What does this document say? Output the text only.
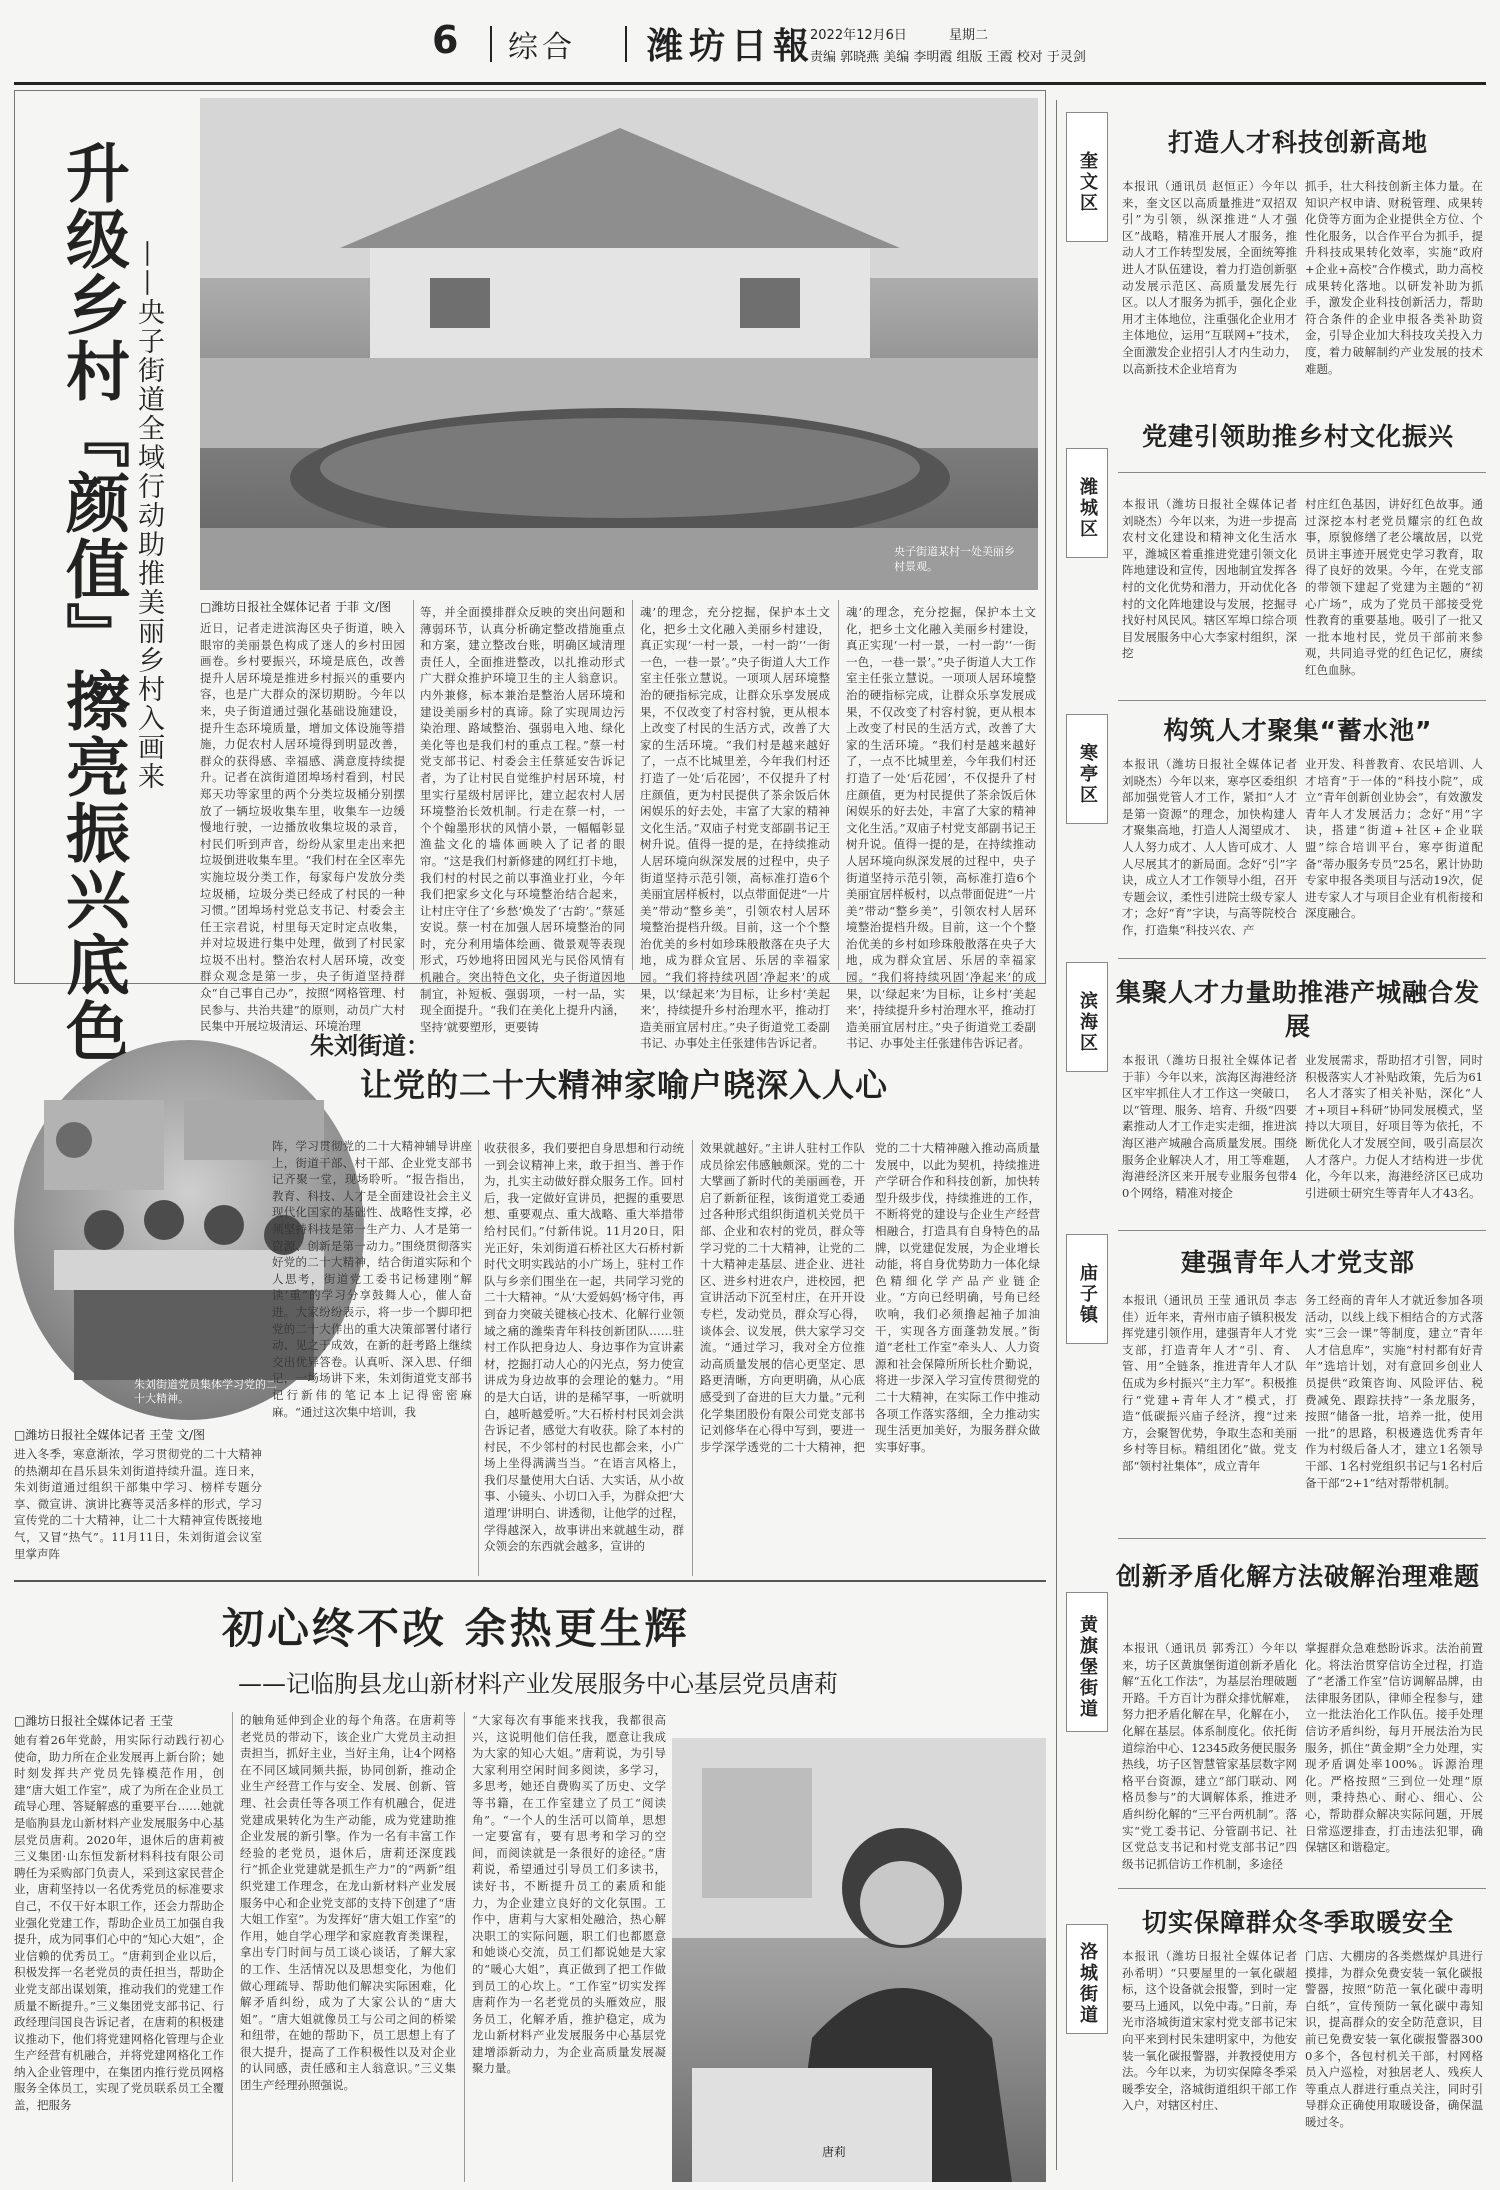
6 综合 潍坊日報
2022年12月6日	星期二
责编 郭晓燕 美编 李明霞 组版 王霞 校对 于灵剑
央子街道某村一处美丽乡村景观。
升级乡村『颜值』擦亮振兴底色 ——央子街道全域行动助推美丽乡村入画来	□潍坊日报社全媒体记者 于菲 文/图
近日，记者走进滨海区央子街道，映入眼帘的美丽景色构成了迷人的乡村田园画卷。乡村要振兴，环境是底色，改善提升人居环境是推进乡村振兴的重要内容，也是广大群众的深切期盼。今年以来，央子街道通过强化基础设施建设，提升生态环境质量，增加文体设施等措施，力促农村人居环境得到明显改善，群众的获得感、幸福感、满意度持续提升。记者在滨街道团埠场村看到，村民郑天功等家里的两个分类垃圾桶分别摆放了一辆垃圾收集车里，收集车一边缓慢地行驶，一边播放收集垃圾的录音，村民们听到声音，纷纷从家里走出来把垃圾倒进收集车里。“我们村在全区率先实施垃圾分类工作，每家每户发放分类垃圾桶，垃圾分类已经成了村民的一种习惯。”团埠场村党总支书记、村委会主任王宗君说，村里每天定时定点收集，并对垃圾进行集中处理，做到了村民家垃圾不出村。整治农村人居环境，改变群众观念是第一步，央子街道坚持群众“自己事自己办”，按照“网格管理、村民参与、共治共建”的原则，动员广大村民集中开展垃圾清运、环境治理
等，并全面摸排群众反映的突出问题和薄弱环节，认真分析确定整改措施重点和方案，建立整改台账，明确区域清理责任人，全面推进整改，以扎推动形式广大群众推护环境卫生的主人翁意识。内外兼修，标本兼治是整治人居环境和建设美丽乡村的真谛。除了实现周边污染治理、路域整治、强弱电入地、绿化美化等也是我们村的重点工程。”蔡一村党支部书记、村委会主任蔡延安告诉记者，为了让村民自觉维护村居环境，村里实行星级村居评比，建立起农村人居环境整治长效机制。行走在蔡一村，一个个翰墨形状的风情小景，一幅幅彰显渔盐文化的墙体画映入了记者的眼帘。“这是我们村新修建的网红打卡地，我们村的村民之前以事渔业打业，今年我们把家乡文化与环境整治结合起来，让村庄守住了‘乡愁’焕发了‘古韵’。”蔡延安说。蔡一村在加强人居环境整治的同时，充分利用墙体绘画、微景观等表现形式，巧妙地将田园风光与民俗风情有机融合。突出特色文化，央子街道因地制宜，补短板、强弱项，一村一品，实现全面提升。“我们在美化上提升内涵，坚持‘就要塑形，更要铸
魂’的理念，充分挖掘，保护本土文化，把乡土文化融入美丽乡村建设，真正实现‘一村一景，一村一韵’‘一街一色，一巷一景’。”央子街道人大工作室主任张立慧说。一项项人居环境整治的硬指标完成，让群众乐享发展成果，不仅改变了村容村貌，更从根本上改变了村民的生活方式，改善了大家的生活环境。“我们村是越来越好了，一点不比城里差，今年我们村还打造了一处‘后花园’，不仅提升了村庄颜值，更为村民提供了茶余饭后休闲娱乐的好去处，丰富了大家的精神文化生活。”双庙子村党支部副书记王树升说。值得一提的是，在持续推动人居环境向纵深发展的过程中，央子街道坚持示范引领，高标准打造6个美丽宜居样板村，以点带面促进“一片美”带动“整乡美”，引领农村人居环境整治提档升级。目前，这一个个整治优美的乡村如珍珠般散落在央子大地，成为群众宜居、乐居的幸福家园。“我们将持续巩固‘净起来’的成果，以‘绿起来’为目标，让乡村‘美起来’，持续提升乡村治理水平，推动打造美丽宜居村庄。”央子街道党工委副书记、办事处主任张建伟告诉记者。
魂’的理念，充分挖掘，保护本土文化，把乡土文化融入美丽乡村建设，真正实现‘一村一景，一村一韵’‘一街一色，一巷一景’。”央子街道人大工作室主任张立慧说。一项项人居环境整治的硬指标完成，让群众乐享发展成果，不仅改变了村容村貌，更从根本上改变了村民的生活方式，改善了大家的生活环境。“我们村是越来越好了，一点不比城里差，今年我们村还打造了一处‘后花园’，不仅提升了村庄颜值，更为村民提供了茶余饭后休闲娱乐的好去处，丰富了大家的精神文化生活。”双庙子村党支部副书记王树升说。值得一提的是，在持续推动人居环境向纵深发展的过程中，央子街道坚持示范引领，高标准打造6个美丽宜居样板村，以点带面促进“一片美”带动“整乡美”，引领农村人居环境整治提档升级。目前，这一个个整治优美的乡村如珍珠般散落在央子大地，成为群众宜居、乐居的幸福家园。“我们将持续巩固‘净起来’的成果，以‘绿起来’为目标，让乡村‘美起来’，持续提升乡村治理水平，推动打造美丽宜居村庄。”央子街道党工委副书记、办事处主任张建伟告诉记者。
朱刘街道党员集体学习党的二十大精神。
朱刘街道：
让党的二十大精神家喻户晓深入人心
□潍坊日报社全媒体记者 王莹 文/图
进入冬季，寒意渐浓，学习贯彻党的二十大精神的热潮却在昌乐县朱刘街道持续升温。连日来，朱刘街道通过组织干部集中学习、榜样专题分享、微宣讲、演讲比赛等灵活多样的形式，学习宣传党的二十大精神，让二十大精神宣传既接地气，又冒“热气”。11月11日，朱刘街道会议室里掌声阵
阵，学习贯彻党的二十大精神辅导讲座上，街道干部、村干部、企业党支部书记齐聚一堂，现场聆听。“报告指出，教育、科技、人才是全面建设社会主义现代化国家的基础性、战略性支撑，必须坚持科技是第一生产力、人才是第一资源、创新是第一动力。”围绕贯彻落实好党的二十大精神，结合街道实际和个人思考，街道党工委书记杨建刚“解读‘重”的学习分享鼓舞人心，催人奋进。大家纷纷表示，将一步一个脚印把党的二十大作出的重大决策部署付诸行动、见之于成效，在新的赶考路上继续交出优异答卷。认真听、深入思、仔细记，一场场讲下来，朱刘街道党支部书记行新伟的笔记本上记得密密麻麻。“通过这次集中培训，我
收获很多，我们要把自身思想和行动统一到会议精神上来，敢于担当、善于作为，扎实主动做好群众服务工作。回村后，我一定做好宣讲员，把握的重要思想、重要观点、重大战略、重大举措带给村民们。”付新伟说。11月20日，阳光正好，朱刘街道石桥社区大石桥村新时代文明实践站的小广场上，驻村工作队与乡亲们围坐在一起，共同学习党的二十大精神。“从‘大爱妈妈’杨守伟，再到奋力突破关键核心技术、化解行业领域之痛的潍柴青年科技创新团队……驻村工作队把身边人、身边事作为宣讲素材，挖掘打动人心的闪光点，努力使宣讲成为身边故事的会理论的魅力。“用的是大白话，讲的是稀罕事，一听就明白，越听越爱听。”大石桥村村民刘会洪告诉记者，感觉大有收获。除了本村的村民，不少邻村的村民也都会来，小广场上坐得满满当当。“在语言风格上，我们尽量使用大白话、大实话，从小故事、小镜头、小切口入手，为群众把‘大道理’讲明白、讲透彻，让他学的过程，学得越深入，故事讲出来就越生动，群众领会的东西就会越多，宣讲的
效果就越好。”主讲人驻村工作队成员徐宏伟感触颇深。党的二十大擘画了新时代的美丽画卷，开启了新新征程，该街道党工委通过各种形式组织街道机关党员干部、企业和农村的党员，群众等学习党的二十大精神，让党的二十大精神走基层、进企业、进社区、进乡村进农户，进校园，把宣讲活动下沉至村庄，在开开设专栏，发动党员，群众写心得，谈体会、议发展，供大家学习交流。“通过学习，我对全方位推动高质量发展的信心更坚定、思路更清晰，方向更明确，从心底感受到了奋进的巨大力量。”元利化学集团股份有限公司党支部书记刘修华在心得中写到，要进一步学深学透党的二十大精神，把党的二十大精神融入推动高质量发展中，以此为契机，持续推进产学研合作和科技创新，加快转型升级步伐，持续推进的工作，不断将党的建设与企业生产经营相融合，打造具有自身特色的品牌，以党建促发展，为企业增长动能，将自身优势助力一体化绿色精细化学产品产业链企业。“方向已经明确，号角已经吹响，我们必须撸起袖子加油干，实现各方面蓬勃发展。”街道“老杜工作室”牵头人、人力资源和社会保障所所长杜介勤说，将进一步深入学习宣传贯彻党的二十大精神，在实际工作中推动各项工作落实落细，全力推动实现生活更加美好，为服务群众做实事好事。
初心终不改 余热更生辉
——记临朐县龙山新材料产业发展服务中心基层党员唐莉
□潍坊日报社全媒体记者 王莹
她有着26年党龄，用实际行动践行初心使命，助力所在企业发展再上新台阶；她时刻发挥共产党员先锋模范作用，创建“唐大姐工作室”，成了为所在企业员工疏导心理、答疑解惑的重要平台……她就是临朐县龙山新材料产业发展服务中心基层党员唐莉。2020年，退休后的唐莉被三义集团·山东恒发新材料科技有限公司聘任为采购部门负责人，采到这家民营企业，唐莉坚持以一名优秀党员的标准要求自己，不仅干好本职工作，还会力帮助企业强化党建工作，帮助企业员工加强自我提升，成为同事们心中的“知心大姐”，企业信赖的优秀员工。“唐莉到企业以后，积极发挥一名老党员的责任担当，帮助企业党支部出谋划策，推动我们的党建工作质量不断提升。”三义集团党支部书记、行政经理闫国良告诉记者，在唐莉的积极建议推动下，他们将党建网格化管理与企业生产经营有机融合，并将党建网格化工作纳入企业管理中，在集团内推行党员网格服务全体员工，实现了党员联系员工全覆盖，把服务
的触角延伸到企业的每个角落。在唐莉等老党员的带动下，该企业广大党员主动担责担当，抓好主业，当好主角，让4个网格在不同区域同频共振，协同创新，推动企业生产经营工作与安全、发展、创新、管理、社会责任等各项工作有机融合，促进党建成果转化为生产动能，成为党建助推企业发展的新引擎。作为一名有丰富工作经验的老党员，退休后，唐莉还深度践行“抓企业党建就是抓生产力”的“两新”组织党建工作理念，在龙山新材料产业发展服务中心和企业党支部的支持下创建了“唐大姐工作室”。为发挥好“唐大姐工作室”的作用，她自学心理学和家庭教育类课程，拿出专门时间与员工谈心谈话，了解大家的工作、生活情况以及思想变化，为他们做心理疏导、帮助他们解决实际困难，化解矛盾纠纷，成为了大家公认的“唐大姐”。“唐大姐就像员工与公司之间的桥梁和纽带，在她的帮助下，员工思想上有了很大提升，提高了工作积极性以及对企业的认同感，责任感和主人翁意识。”三义集团生产经理孙照强说。
“大家每次有事能来找我，我都很高兴，这说明他们信任我，愿意让我成为大家的知心大姐。”唐莉说，为引导大家利用空闲时间多阅读，多学习，多思考，她还自费购买了历史、文学等书籍，在工作室建立了员工“阅读角”。“一个人的生活可以简单，思想一定要富有，要有思考和学习的空间，而阅读就是一条很好的途径。”唐莉说，希望通过引导员工们多读书，读好书，不断提升员工的素质和能力，为企业建立良好的文化氛围。工作中，唐莉与大家相处融洽，热心解决职工的实际问题，职工们也都愿意和她谈心交流，员工们都说她是大家的“暖心大姐”，真正做到了把工作做到员工的心坎上。“工作室”切实发挥唐莉作为一名老党员的头雁效应，服务员工，化解矛盾，推护稳定，成为龙山新材料产业发展服务中心基层党建增添新动力，为企业高质量发展凝聚力量。
唐莉
奎文区
打造人才科技创新高地
本报讯（通讯员 赵恒正）今年以来，奎文区以高质量推进“双招双引”为引领，纵深推进“人才强区”战略，精准开展人才服务，推动人才工作转型发展，全面统筹推进人才队伍建设，着力打造创新驱动发展示范区、高质量发展先行区。以人才服务为抓手，强化企业用才主体地位，注重强化企业用才主体地位，运用“互联网+”技术，全面激发企业招引人才内生动力，以高新技术企业培育为
抓手，壮大科技创新主体力量。在知识产权申请、财税管理、成果转化贷等方面为企业提供全方位、个性化服务，以合作平台为抓手，提升科技成果转化效率，实施“政府+企业+高校”合作模式，助力高校成果转化落地。以研发补助为抓手，激发企业科技创新活力，帮助符合条件的企业申报各类补助资金，引导企业加大科技攻关投入力度，着力破解制约产业发展的技术难题。
潍城区
党建引领助推乡村文化振兴
本报讯（潍坊日报社全媒体记者 刘晓杰）今年以来，为进一步提高农村文化建设和精神文化生活水平，潍城区着重推进党建引领文化阵地建设和宣传，因地制宜发挥各村的文化优势和潜力，开动优化各村的文化阵地建设与发展，挖掘寻找好村风民风。辖区军埠口综合项目发展服务中心大李家村组织，深挖
村庄红色基因，讲好红色故事。通过深挖本村老党员耀宗的红色故事，原貌修缮了老公壤故居，以党员讲主事迹开展党史学习教育，取得了良好的效果。今年，在党支部的带领下建起了党建为主题的“初心广场”，成为了党员干部接受党性教育的重要基地。吸引了一批又一批本地村民，党员干部前来参观，共同追寻党的红色记忆，赓续红色血脉。
寒亭区
构筑人才聚集“蓄水池”
本报讯（潍坊日报社全媒体记者 刘晓杰）今年以来，寒亭区委组织部加强党管人才工作，紧扣“人才是第一资源”的理念，加快构建人才聚集高地，打造人人渴望成才、人人努力成才、人人皆可成才、人人尽展其才的新局面。念好“引”字诀，成立人才工作领导小组，召开专题会议，柔性引进院士级专家人才；念好“育”字诀，与高等院校合作，打造集“科技兴农、产
业开发、科普教育、农民培训、人才培育”于一体的“科技小院”，成立“青年创新创业协会”，有效激发青年人才发展活力；念好“用”字诀，搭建“街道+社区+企业联盟”综合培训平台，寒亭街道配备“蒂办服务专员”25名，累计协助专家申报各类项目与活动19次，促进专家人才与项目企业有机衔接和深度融合。
滨海区 集聚人才力量助推港产城融合发展
本报讯（潍坊日报社全媒体记者 于菲）今年以来，滨海区海港经济区牢牢抓住人才工作这一突破口，以“管理、服务、培育、升级”四要素推动人才工作走实走细，推进滨海区港产城融合高质量发展。围绕服务企业解决人才，用工等难题，海港经济区来开展专业服务包带40个网络，精准对接企
业发展需求，帮助招才引智，同时积极落实人才补贴政策，先后为61名人才落实了相关补贴，深化“人才+项目+科研”协同发展模式，坚持以大项目，好项目等为依托，不断优化人才发展空间，吸引高层次人才落户。力促人才结构进一步优化，今年以来，海港经济区已成功引进硕士研究生等青年人才43名。
庙子镇	建强青年人才党支部
本报讯（通讯员 王莹 通讯员 李志佳）近年来，青州市庙子镇积极发挥党建引领作用，建强青年人才党支部，打造青年人才“引、育、管、用”全链条，推进青年人才队伍成为乡村振兴“主力军”。积极推行“党建+青年人才”模式，打造“低碳振兴庙子经济，搜“过来方，会聚智优势，争取生态和美丽乡村等目标。精组团化”做。党支部“领村社集体”，成立青年
务工经商的青年人才就近参加各项活动，以线上线下相结合的方式落实“三会一课”等制度，建立“青年人才信息库”，实施“村村都有好青年”选培计划，对有意回乡创业人员提供“政策咨询、风险评估、税费减免、跟踪扶持”一条龙服务，按照“储备一批，培养一批，使用一批”的思路，积极遴选优秀青年作为村级后备人才，建立1名领导干部、1名村党组织书记与1名村后备干部“2+1”结对帮带机制。
黄旗堡街道
创新矛盾化解方法破解治理难题
本报讯（通讯员 郭秀江）今年以来，坊子区黄旗堡街道创新矛盾化解“五化工作法”，为基层治理破题开路。千方百计为群众排忧解难，努力把矛盾化解在早，化解在小，化解在基层。体系制度化。依托街道综治中心、12345政务便民服务热线，坊子区智慧管家基层数字网格平台资源，建立“部门联动、网格员参与”的大调解体系，推进矛盾纠纷化解的“三平台两机制”。落实“党工委书记、分管副书记、社区党总支书记和村党支部书记”四级书记抓信访工作机制，多途径
掌握群众急难愁盼诉求。法治前置化。将法治贯穿信访全过程，打造了“老潘工作室”信访调解品牌，由法律服务团队，律师全程参与，建立一批法治化工作队伍。接手处理信访矛盾纠纷，每月开展法治为民服务，抓住“黄金期”全力处理，实现矛盾调处率100%。诉源治理化。严格按照“三到位一处理”原则，秉持热心、耐心、细心、公心，帮助群众解决实际问题，开展日常巡逻排查，打击违法犯罪，确保辖区和谐稳定。
洛城街道
切实保障群众冬季取暖安全
本报讯（潍坊日报社全媒体记者 孙希明）“只要屋里的一氧化碳超标，这个设备就会报警，到时一定要马上通风，以免中毒。”日前，寿光市洛城街道宋家村党支部书记宋向平来到村民朱建明家中，为他安装一氧化碳报警器，并教授使用方法。今年以来，为切实保障冬季采暖季安全，洛城街道组织干部工作入户，对辖区村庄、
门店、大棚房的各类燃煤炉具进行摸排，为群众免费安装一氧化碳报警器，按照“防范一氧化碳中毒明白纸”，宣传预防一氧化碳中毒知识，提高群众的安全防范意识，目前已免费安装一氧化碳报警器3000多个，各包村机关干部，村网格员入户巡检，对独居老人、残疾人等重点人群进行重点关注，同时引导群众正确使用取暖设备，确保温暖过冬。
